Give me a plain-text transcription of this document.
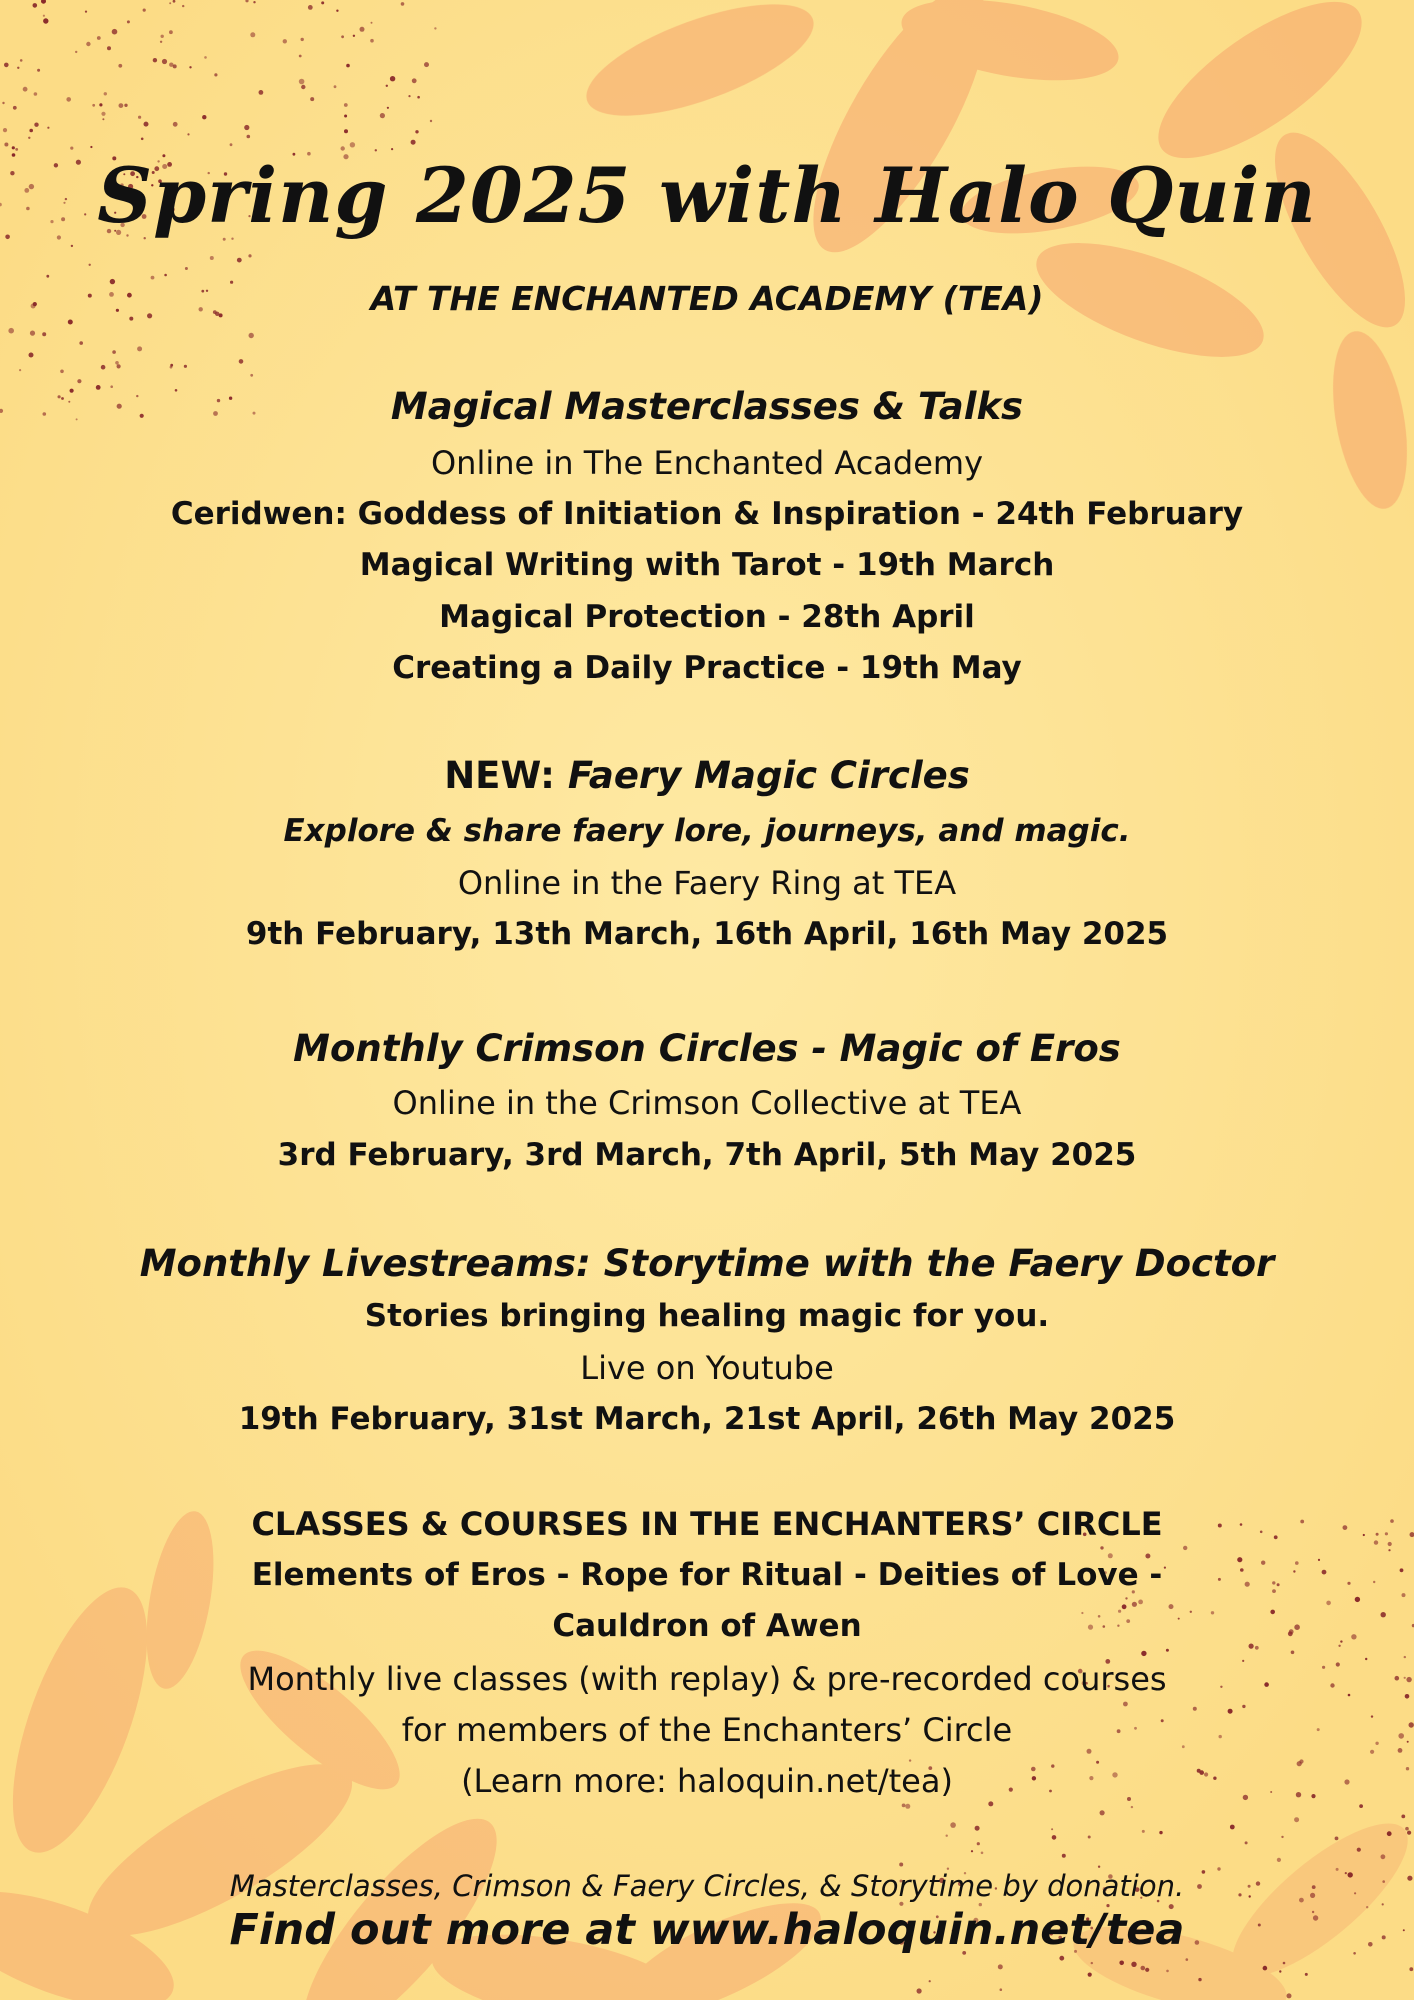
Spring 2025 with Halo Quin
AT THE ENCHANTED ACADEMY (TEA)
Magical Masterclasses & Talks
Online in The Enchanted Academy
Ceridwen: Goddess of Initiation & Inspiration - 24th February
Magical Writing with Tarot - 19th March
Magical Protection - 28th April
Creating a Daily Practice - 19th May
NEW: Faery Magic Circles
Explore & share faery lore, journeys, and magic.
Online in the Faery Ring at TEA
9th February, 13th March, 16th April, 16th May 2025
Monthly Crimson Circles - Magic of Eros
Online in the Crimson Collective at TEA
3rd February, 3rd March, 7th April, 5th May 2025
Monthly Livestreams: Storytime with the Faery Doctor
Stories bringing healing magic for you.
Live on Youtube
19th February, 31st March, 21st April, 26th May 2025
CLASSES & COURSES IN THE ENCHANTERS’ CIRCLE
Elements of Eros - Rope for Ritual - Deities of Love -
Cauldron of Awen
Monthly live classes (with replay) & pre-recorded courses
for members of the Enchanters’ Circle
(Learn more: haloquin.net/tea)
Masterclasses, Crimson & Faery Circles, & Storytime by donation.
Find out more at www.haloquin.net/tea
